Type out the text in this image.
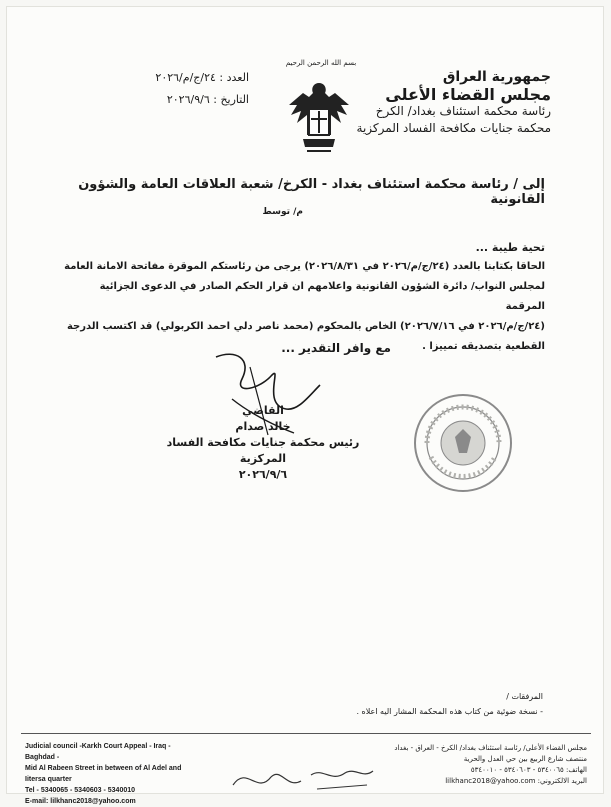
بسم الله الرحمن الرحيم
جمهورية العراق
مجلس القضاء الأعلى
رئاسة محكمة استئناف بغداد/ الكرخ
محكمة جنايات مكافحة الفساد المركزية
العدد : ٢٤/ج/م/٢٠٢٦
التاريخ : ٢٠٢٦/٩/٦
إلى / رئاسة محكمة استئناف بغداد - الكرخ/ شعبة العلاقات العامة والشؤون القانونية
م/ توسط
تحية طيبة ...
الحاقا بكتابنا بالعدد (٢٤/ج/م/٢٠٢٦ في ٢٠٢٦/٨/٣١) يرجى من رئاستكم الموقرة مفاتحة الامانة العامة
لمجلس النواب/ دائرة الشؤون القانونية واعلامهم ان قرار الحكم الصادر في الدعوى الجزائية المرقمة
(٢٤/ج/م/٢٠٢٦ في ٢٠٢٦/٧/١٦) الخاص بالمحكوم (محمد ناصر دلي احمد الكربولي) قد اكتسب الدرجة
القطعية بتصديقه تمييزا .
مع وافر التقدير ...
القاضي
خالد صدام
رئيس محكمة جنايات مكافحة الفساد المركزية
٢٠٢٦/٩/٦
المرفقات /
- نسخة ضوئية من كتاب هذه المحكمة المشار اليه اعلاه .
Judicial council -Karkh Court Appeal - Iraq -
Baghdad -
Mid Al Rabeen Street in between of Al Adel and
Iitersa quarter
Tel - 5340065 - 5340603 - 5340010
E-mail: lilkhanc2018@yahoo.com
مجلس القضاء الأعلى/ رئاسة استئناف بغداد/ الكرخ - العراق - بغداد
منتصف شارع الربيع بين حي العدل والحرية
الهاتف: ٥٣٤٠٠٦٥ - ٥٣٤٠٦٠٣ - ٥٣٤٠٠١٠
البريد الالكتروني: lilkhanc2018@yahoo.com
